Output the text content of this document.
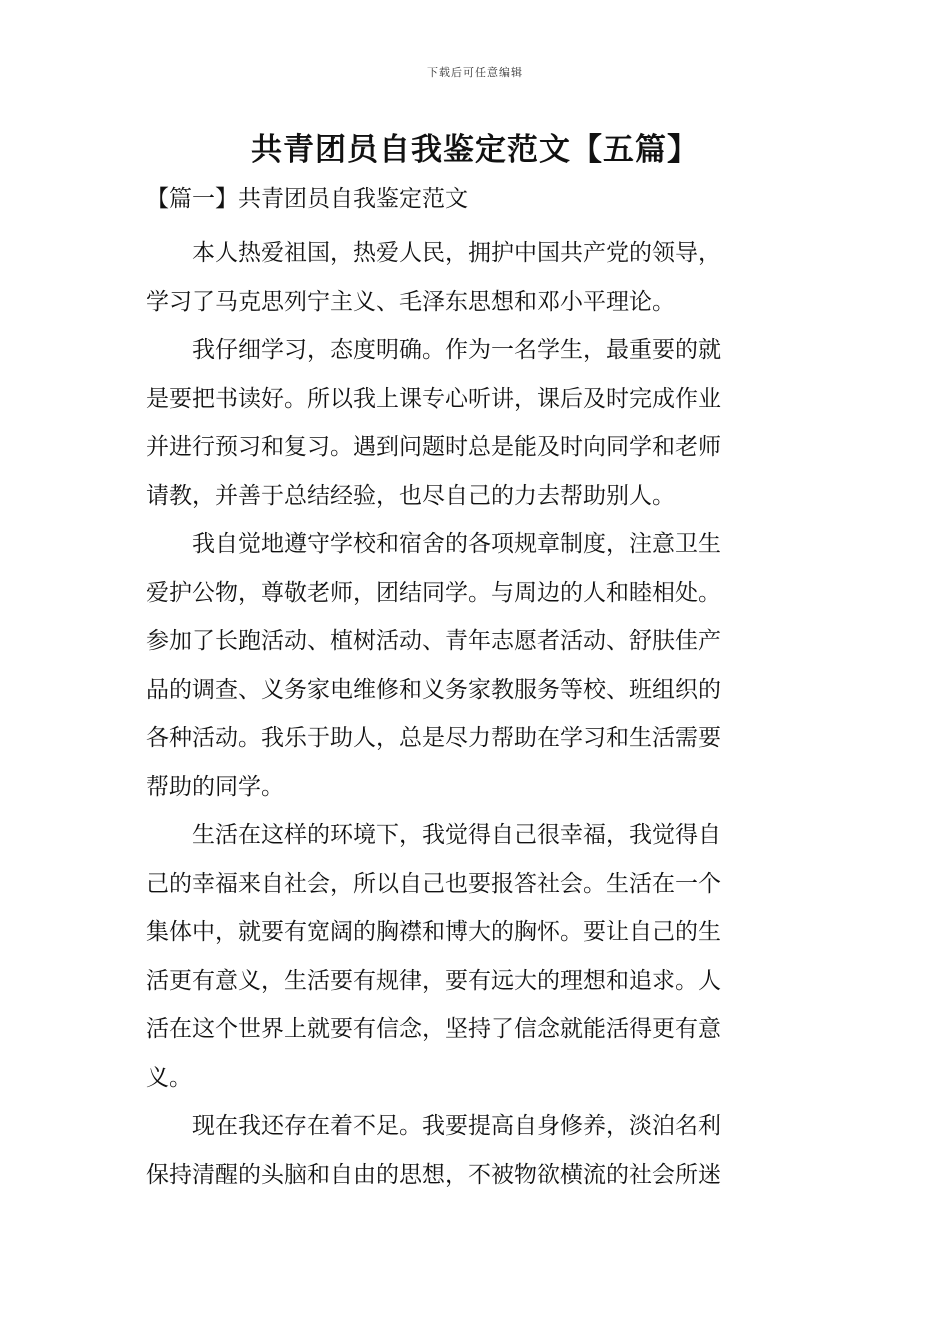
下载后可任意编辑
共青团员自我鉴定范文【五篇】
【篇一】共青团员自我鉴定范文

本人热爱祖国，热爱人民，拥护中国共产党的领导，
学习了马克思列宁主义、毛泽东思想和邓小平理论。

我仔细学习，态度明确。作为一名学生，最重要的就
是要把书读好。所以我上课专心听讲，课后及时完成作业
并进行预习和复习。遇到问题时总是能及时向同学和老师
请教，并善于总结经验，也尽自己的力去帮助别人。

我自觉地遵守学校和宿舍的各项规章制度，注意卫生
爱护公物，尊敬老师，团结同学。与周边的人和睦相处。
参加了长跑活动、植树活动、青年志愿者活动、舒肤佳产
品的调查、义务家电维修和义务家教服务等校、班组织的
各种活动。我乐于助人，总是尽力帮助在学习和生活需要
帮助的同学。

生活在这样的环境下，我觉得自己很幸福，我觉得自
己的幸福来自社会，所以自己也要报答社会。生活在一个
集体中，就要有宽阔的胸襟和博大的胸怀。要让自己的生
活更有意义，生活要有规律，要有远大的理想和追求。人
活在这个世界上就要有信念，坚持了信念就能活得更有意
义。

现在我还存在着不足。我要提高自身修养，淡泊名利
保持清醒的头脑和自由的思想，不被物欲横流的社会所迷
